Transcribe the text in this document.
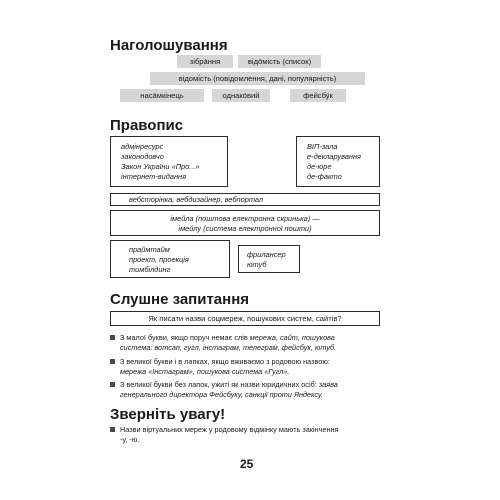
Наголошування
зібра́ння	відо́мість (список)
відомі́сть (повідомлення, дані, популярність)
наса́мкінець	однако́вий	фейсбу́к
Правопис
адмінресурс
законодовчо
Закон України «Про...»
інтернет-видання
ВІП-зала
е-декларування
де-юре
де-факто
вебсторінка, вебдизайнер, вебпортал
імейла (поштова електронна скринька) —
імейлу (система електронної пошти)
праймтайм
проект, проекція
тимбілдинг
фрилансер
ютуб
Слушне запитання
Як писати назви соцмереж, пошукових систем, сайтів?
З малої букви, якщо поруч немає слів мережа, сайт, пошукова
система: вотсап, гугл, інстаграм, телеграм, фейсбук, ютуб.
З великої букви і в лапках, якщо вживаємо з родовою назвою:
мережа «Інстаграм», пошукова система «Гугл».
З великої букви без лапок, ужиті як назви юридичних осіб: заява
генерального директора Фейсбуку, санкції проти Яндексу.
Зверніть увагу!
Назви віртуальних мереж у родовому відмінку мають закінчення
-у, -ю.
25
